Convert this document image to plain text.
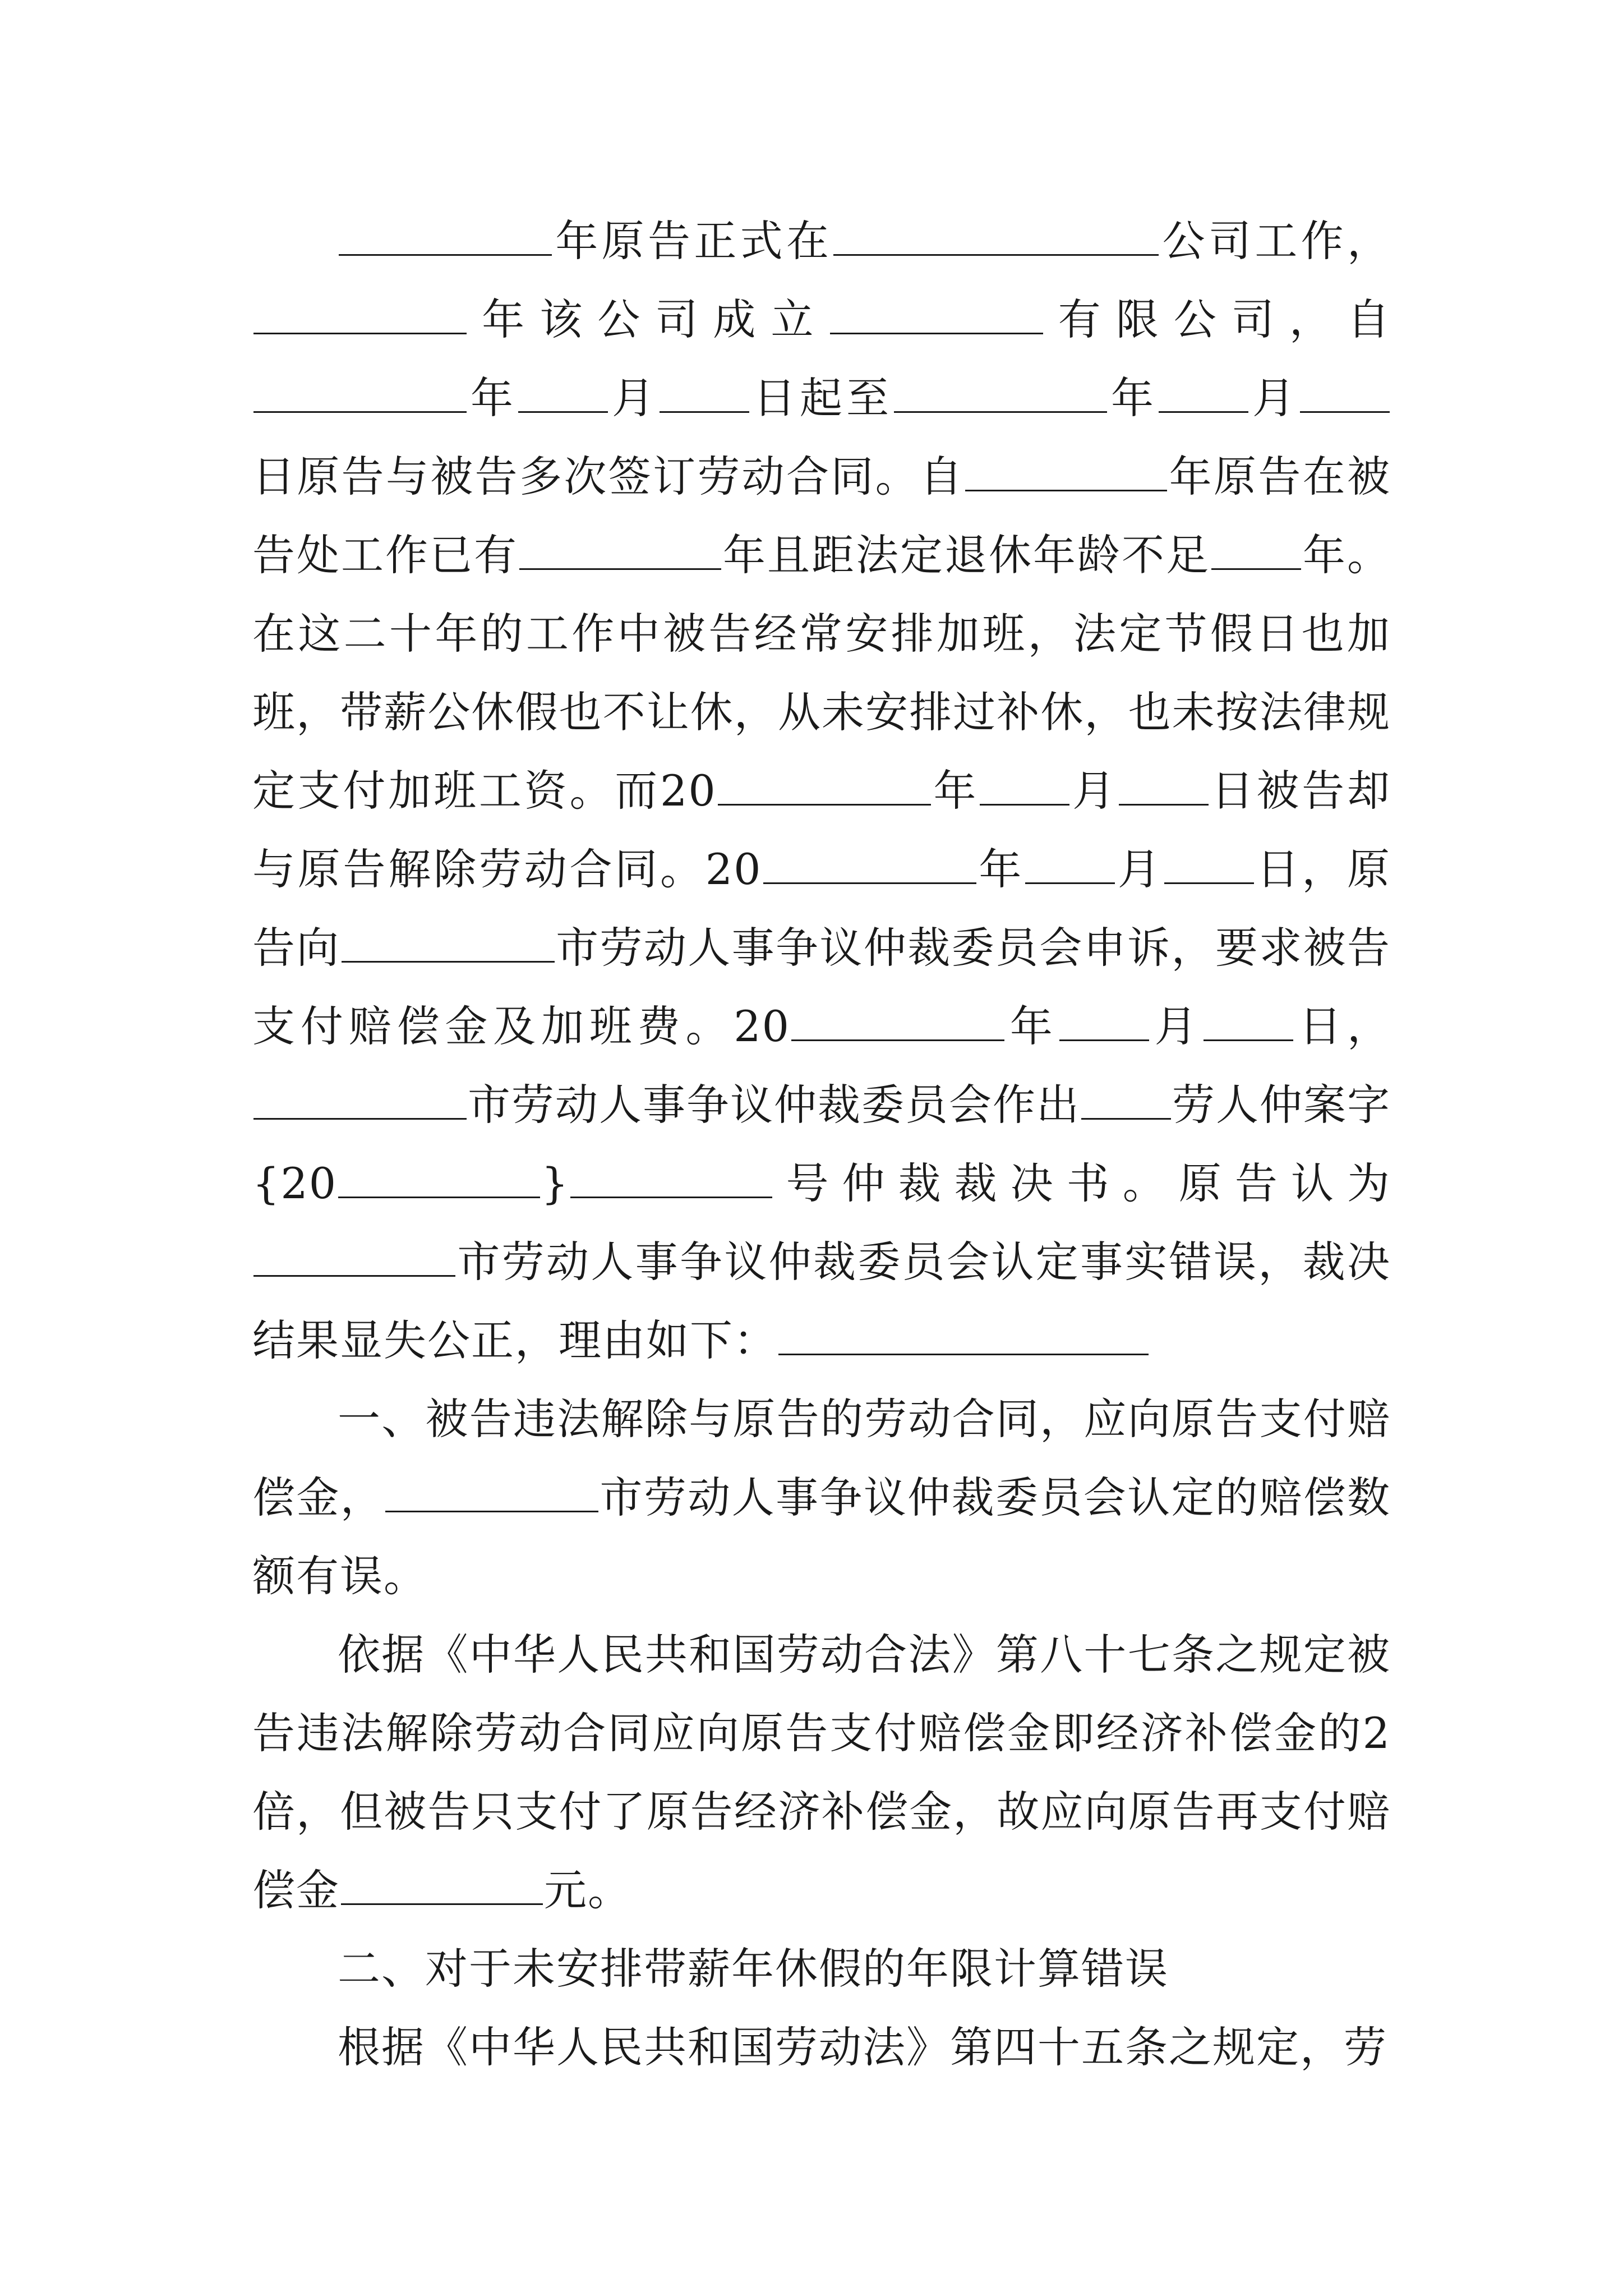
年原告正式在	公司工作，年该公司成立	有限公司，自年 月 日起至	年 月日原告与被告多次签订劳动合同。自	年原告在被告处工作已有	年且距法定退休年龄不足 年。在这二十年的工作中被告经常安排加班，法定节假日也加班，带薪公休假也不让休，从未安排过补休，也未按法律规定支付加班工资。而20	年 月 日被告却与原告解除劳动合同。20	年 月 日，原告向	市劳动人事争议仲裁委员会申诉，要求被告支付赔偿金及加班费。20	年 月 日，市劳动人事争议仲裁委员会作出 劳人仲案字{20	}	号仲裁裁决书。原告认为市劳动人事争议仲裁委员会认定事实错误，裁决结果显失公正，理由如下：

一、被告违法解除与原告的劳动合同，应向原告支付赔偿金，	市劳动人事争议仲裁委员会认定的赔偿数额有误。

依据《中华人民共和国劳动合法》第八十七条之规定被告违法解除劳动合同应向原告支付赔偿金即经济补偿金的2倍，但被告只支付了原告经济补偿金，故应向原告再支付赔偿金	元。

二、对于未安排带薪年休假的年限计算错误

根据《中华人民共和国劳动法》第四十五条之规定，劳
